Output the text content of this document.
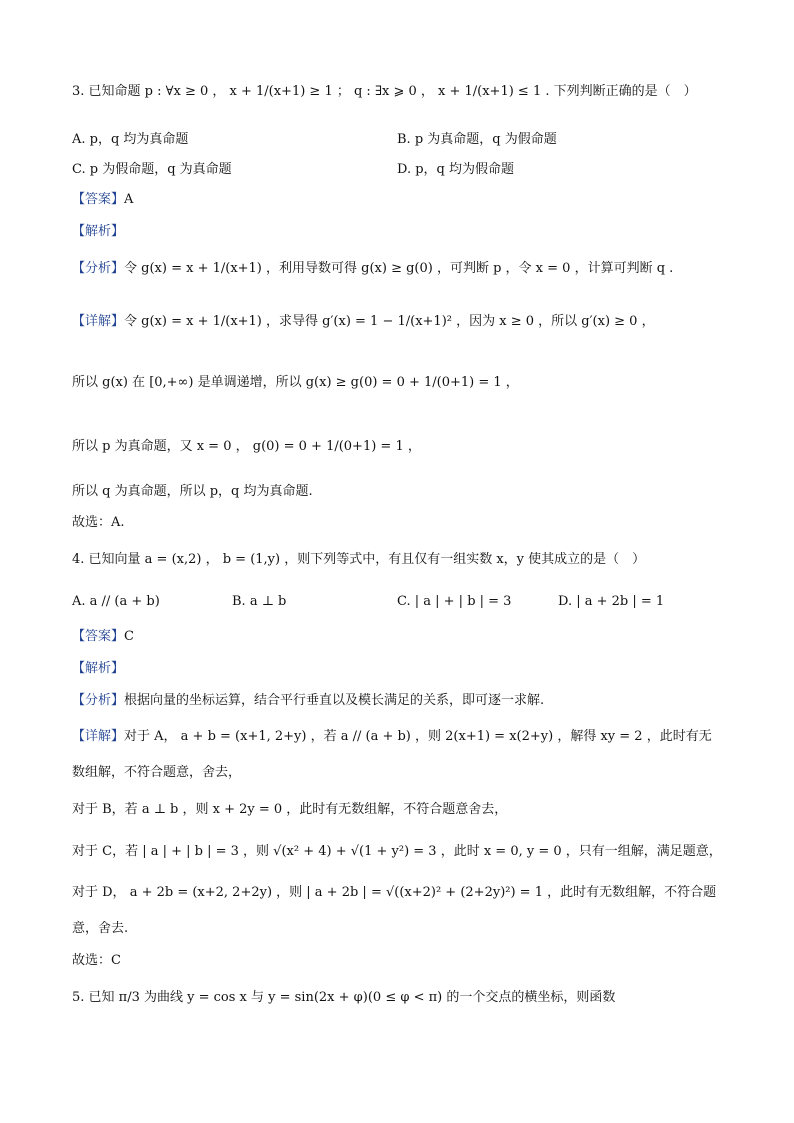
3. 已知命题 p : ∀x ≥ 0 ， x + 1/(x+1) ≥ 1 ； q : ∃x ⩾ 0 ， x + 1/(x+1) ≤ 1 . 下列判断正确的是（　）
A. p，q 均为真命题	B. p 为真命题，q 为假命题
C. p 为假命题，q 为真命题	D. p，q 均为假命题
【答案】A
【解析】
【分析】令 g(x) = x + 1/(x+1) ，利用导数可得 g(x) ≥ g(0) ，可判断 p ，令 x = 0 ，计算可判断 q .
【详解】令 g(x) = x + 1/(x+1) ，求导得 g′(x) = 1 − 1/(x+1)² ，因为 x ≥ 0 ，所以 g′(x) ≥ 0 ，
所以 g(x) 在 [0,+∞) 是单调递增，所以 g(x) ≥ g(0) = 0 + 1/(0+1) = 1 ，
所以 p 为真命题，又 x = 0 ， g(0) = 0 + 1/(0+1) = 1 ，
所以 q 为真命题，所以 p，q 均为真命题.
故选：A.
4. 已知向量 a = (x,2) ， b = (1,y) ，则下列等式中，有且仅有一组实数 x，y 使其成立的是（　）
A. a // (a + b)	B. a ⊥ b	C. | a | + | b | = 3	D. | a + 2b | = 1
【答案】C
【解析】
【分析】根据向量的坐标运算，结合平行垂直以及模长满足的关系，即可逐一求解.
【详解】对于 A， a + b = (x+1, 2+y) ，若 a // (a + b) ，则 2(x+1) = x(2+y) ，解得 xy = 2 ，此时有无
数组解，不符合题意，舍去，
对于 B，若 a ⊥ b ，则 x + 2y = 0 ，此时有无数组解，不符合题意舍去，
对于 C，若 | a | + | b | = 3 ，则 √(x² + 4) + √(1 + y²) = 3 ，此时 x = 0, y = 0 ，只有一组解，满足题意，
对于 D， a + 2b = (x+2, 2+2y) ，则 | a + 2b | = √((x+2)² + (2+2y)²) = 1 ，此时有无数组解，不符合题
意，舍去.
故选：C
5. 已知 π/3 为曲线 y = cos x 与 y = sin(2x + φ)(0 ≤ φ < π) 的一个交点的横坐标，则函数
